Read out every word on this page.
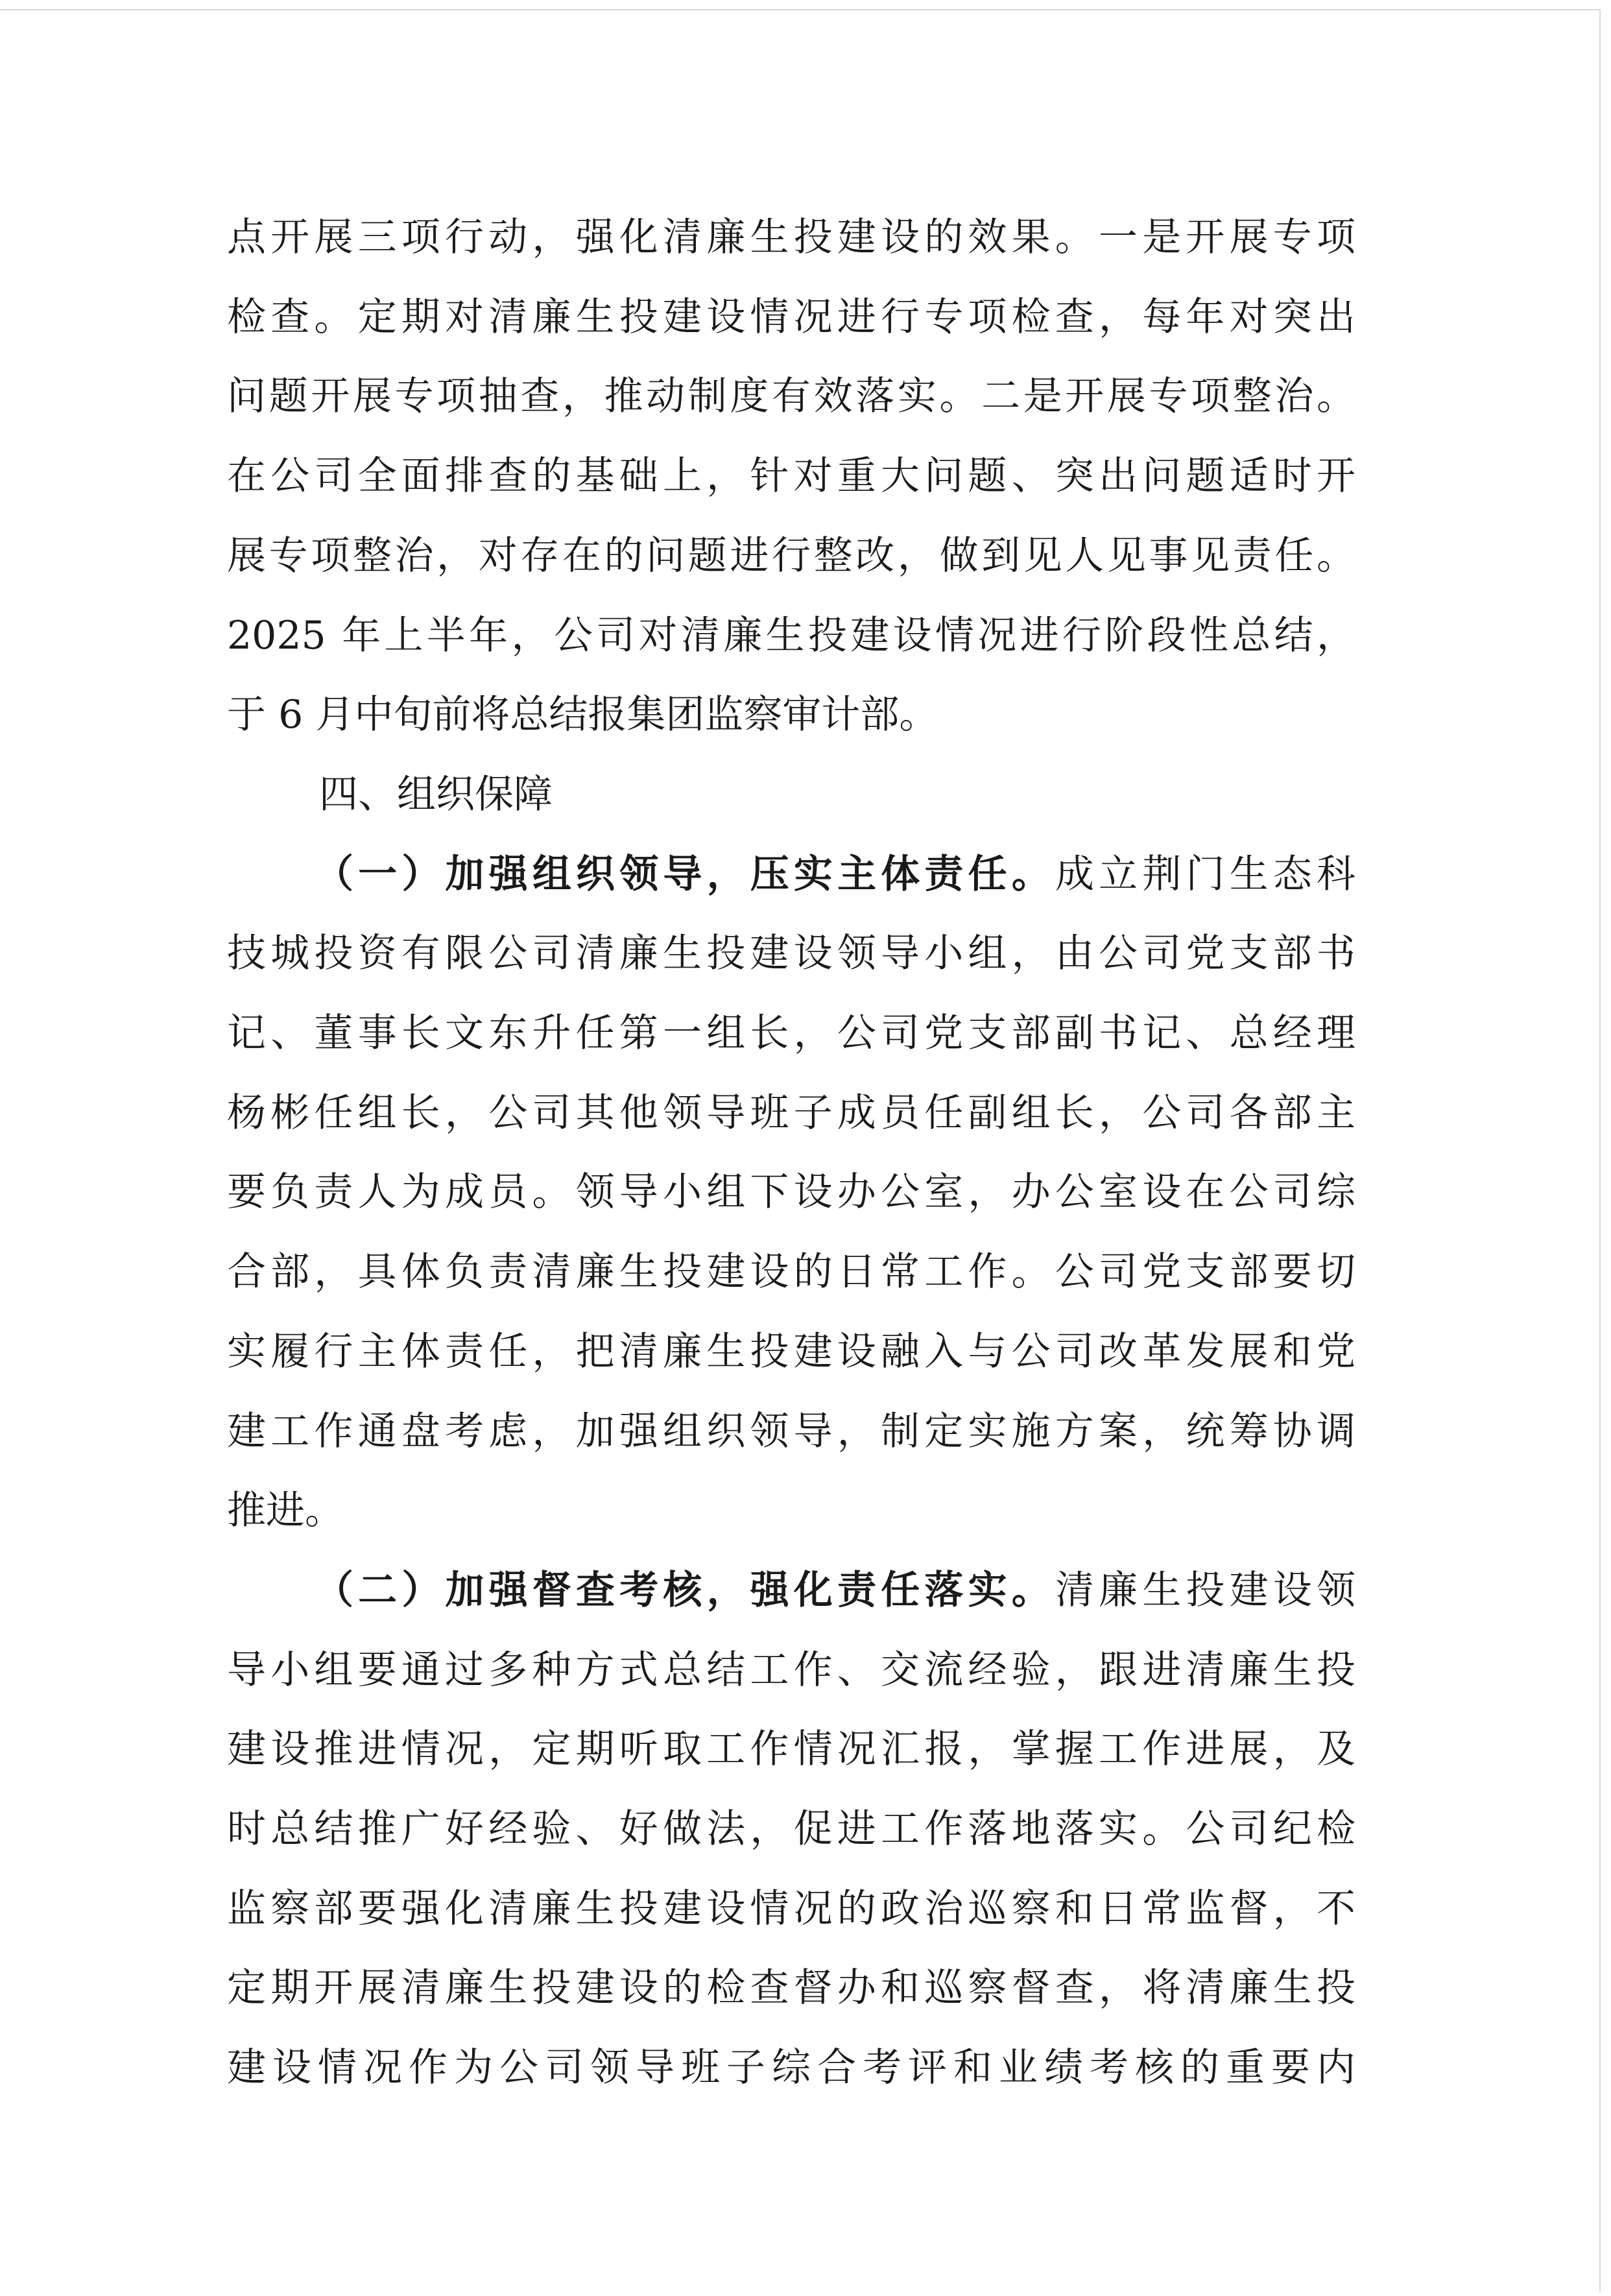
点开展三项行动，强化清廉生投建设的效果。一是开展专项
检查。定期对清廉生投建设情况进行专项检查，每年对突出
问题开展专项抽查，推动制度有效落实。二是开展专项整治。
在公司全面排查的基础上，针对重大问题、突出问题适时开
展专项整治，对存在的问题进行整改，做到见人见事见责任。
2025 年上半年，公司对清廉生投建设情况进行阶段性总结，
于 6 月中旬前将总结报集团监察审计部。
四、组织保障
（一）加强组织领导，压实主体责任。成立荆门生态科
技城投资有限公司清廉生投建设领导小组，由公司党支部书
记、董事长文东升任第一组长，公司党支部副书记、总经理
杨彬任组长，公司其他领导班子成员任副组长，公司各部主
要负责人为成员。领导小组下设办公室，办公室设在公司综
合部，具体负责清廉生投建设的日常工作。公司党支部要切
实履行主体责任，把清廉生投建设融入与公司改革发展和党
建工作通盘考虑，加强组织领导，制定实施方案，统筹协调
推进。
（二）加强督查考核，强化责任落实。清廉生投建设领
导小组要通过多种方式总结工作、交流经验，跟进清廉生投
建设推进情况，定期听取工作情况汇报，掌握工作进展，及
时总结推广好经验、好做法，促进工作落地落实。公司纪检
监察部要强化清廉生投建设情况的政治巡察和日常监督，不
定期开展清廉生投建设的检查督办和巡察督查，将清廉生投
建设情况作为公司领导班子综合考评和业绩考核的重要内
